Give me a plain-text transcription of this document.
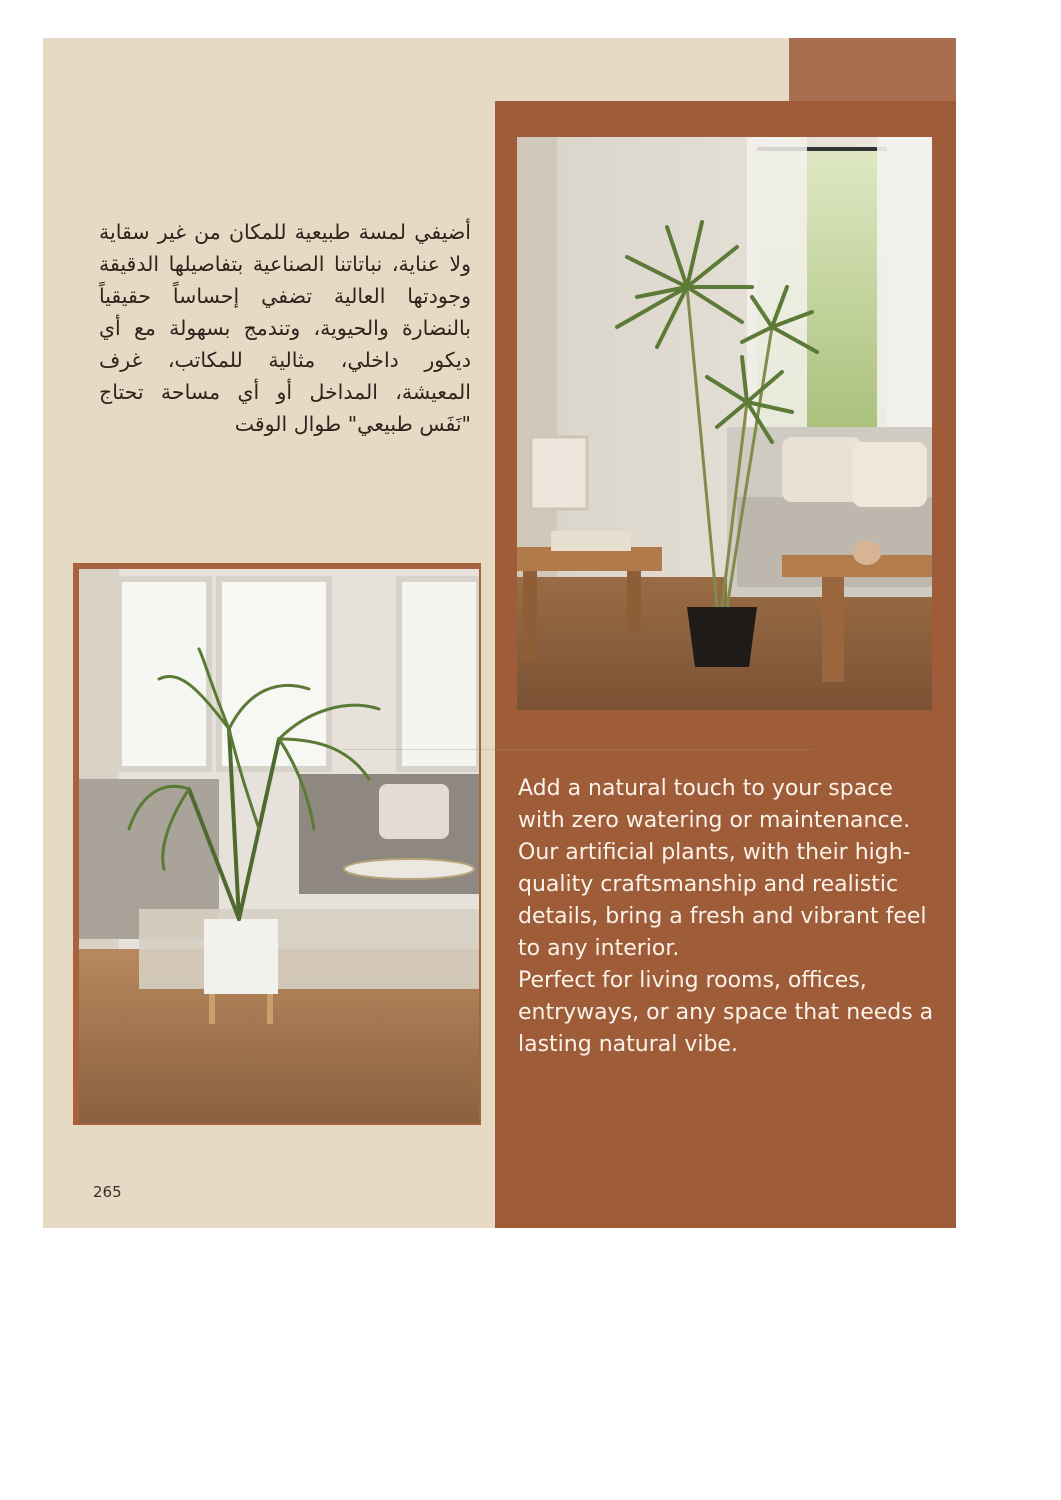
أضيفي لمسة طبيعية للمكان من غير سقاية ولا عناية، نباتاتنا الصناعية بتفاصيلها الدقيقة وجودتها العالية تضفي إحساساً حقيقياً بالنضارة والحيوية، وتندمج بسهولة مع أي ديكور داخلي، مثالية للمكاتب، غرف المعيشة، المداخل أو أي مساحة تحتاج "نَفَس طبيعي" طوال الوقت

Add a natural touch to your space with zero watering or maintenance.

Our artificial plants, with their high-quality craftsmanship and realistic details, bring a fresh and vibrant feel to any interior.

Perfect for living rooms, offices, entryways, or any space that needs a lasting natural vibe.

265
